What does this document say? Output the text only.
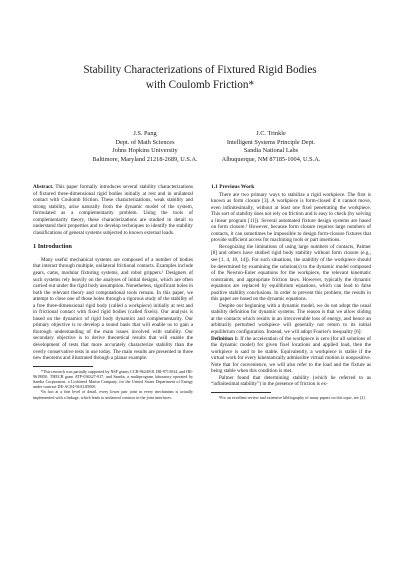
Stability Characterizations of Fixtured Rigid Bodies
with Coulomb Friction*
J.S. Pang
Dept. of Math Sciences
Johns Hopkins University
Baltimore, Maryland 21218-2689, U.S.A.
J.C. Trinkle
Intelligent Systems Principle Dept.
Sandia National Labs
Albuquerque, NM 87185-1004, U.S.A.

Abstract. This paper formally introduces several stability characterizations of fixtured three-dimensional rigid bodies initially at rest and in unilateral contact with Coulomb friction. These characterizations, weak stability and strong stability, arise naturally from the dynamic model of the system, formulated as a complementarity problem. Using the tools of complementarity theory, these characterizations are studied in detail to understand their properties and to develop techniques to identify the stability classifications of general systems subjected to known external loads.

1 Introduction

Many useful mechanical systems are composed of a number of bodies that interact through multiple, unilateral frictional contacts. Examples include gears, cams, modular fixturing systems, and robot grippers.¹ Designers of such systems rely heavily on the analyses of initial designs, which are often carried out under the rigid body assumption. Nonetheless, significant holes in both the relevant theory and computational tools remain. In this paper, we attempt to close one of those holes through a rigorous study of the stability of a free three-dimensional rigid body (called a workpiece) initially at rest and in frictional contact with fixed rigid bodies (called fixels). Our analysis is based on the dynamics of rigid body dynamics and complementarity. Our primary objective is to develop a sound basis that will enable us to gain a thorough understanding of the main issues involved with stability. Our secondary objective is to derive theoretical results that will enable the development of tests that more accurately characterize stability than the overly conservative tests in use today. The main results are presented in three new theorems and illustrated through a planar example.

*This research was partially supported by NSF grants CCR-9624018, IRI-9713034, and IRI-9619850, THECB grant ATP-036327-017, and Sandia, a multiprogram laboratory operated by Sandia Corporation, a Lockheed Martin Company, for the United States Department of Energy under contract DE-AC04-94AL85000.

¹In fact at a fine level of detail, every lower pair joint in every mechanism is actually implemented with a linkage, which leads to unilateral contacts in the joint interfaces.

1.1 Previous Work

There are two primary ways to stabilize a rigid workpiece. The first is known as form closure [3]. A workpiece is form-closed if it cannot move, even infinitesimally, without at least one fixel penetrating the workpiece. This sort of stability does not rely on friction and is easy to check (by solving a linear program [11]). Several automated fixture design systems are based on form closure.² However, because form closure requires large numbers of contacts, it can sometimes be impossible to design form-closure fixtures that provide sufficient access for machining tools or part insertions.

Recognizing the limitations of using large numbers of contacts, Palmer [8] and others have studied rigid body stability without form closure (e.g., see [1, 4, 10, 14]). For such situations, the stability of the workpiece should be determined by examining the solution(s) to the dynamic model composed of the Newton-Euler equations for the workpiece, the relevant kinematic constraints, and appropriate friction laws. However, typically the dynamic equations are replaced by equilibrium equations, which can lead to false positive stability conclusions. In order to prevent this problem, the results in this paper are based on the dynamic equations.

Despite our beginning with a dynamic model, we do not adopt the usual stability definition for dynamic systems. The reason is that we allow sliding at the contacts which results in an irrecoverable loss of energy, and hence an arbitrarily perturbed workpiece will generally not return to its initial equilibrium configuration. Instead, we will adopt Fourier's inequality [6]:

Definition 1: If the acceleration of the workpiece is zero (for all solutions of the dynamic model) for given fixel locations and applied load, then the workpiece is said to be stable. Equivalently, a workpiece is stable if the virtual work for every kinematically admissible virtual motion is nonpositive. Note that for convenience, we will also refer to the load and the fixture as being stable when this condition is met.

Palmer found that determining stability (which he referred to as “infinitesimal stability”) in the presence of friction is ex-

²For an excellent review and extensive bibliography of many papers on this topic, see [2].
